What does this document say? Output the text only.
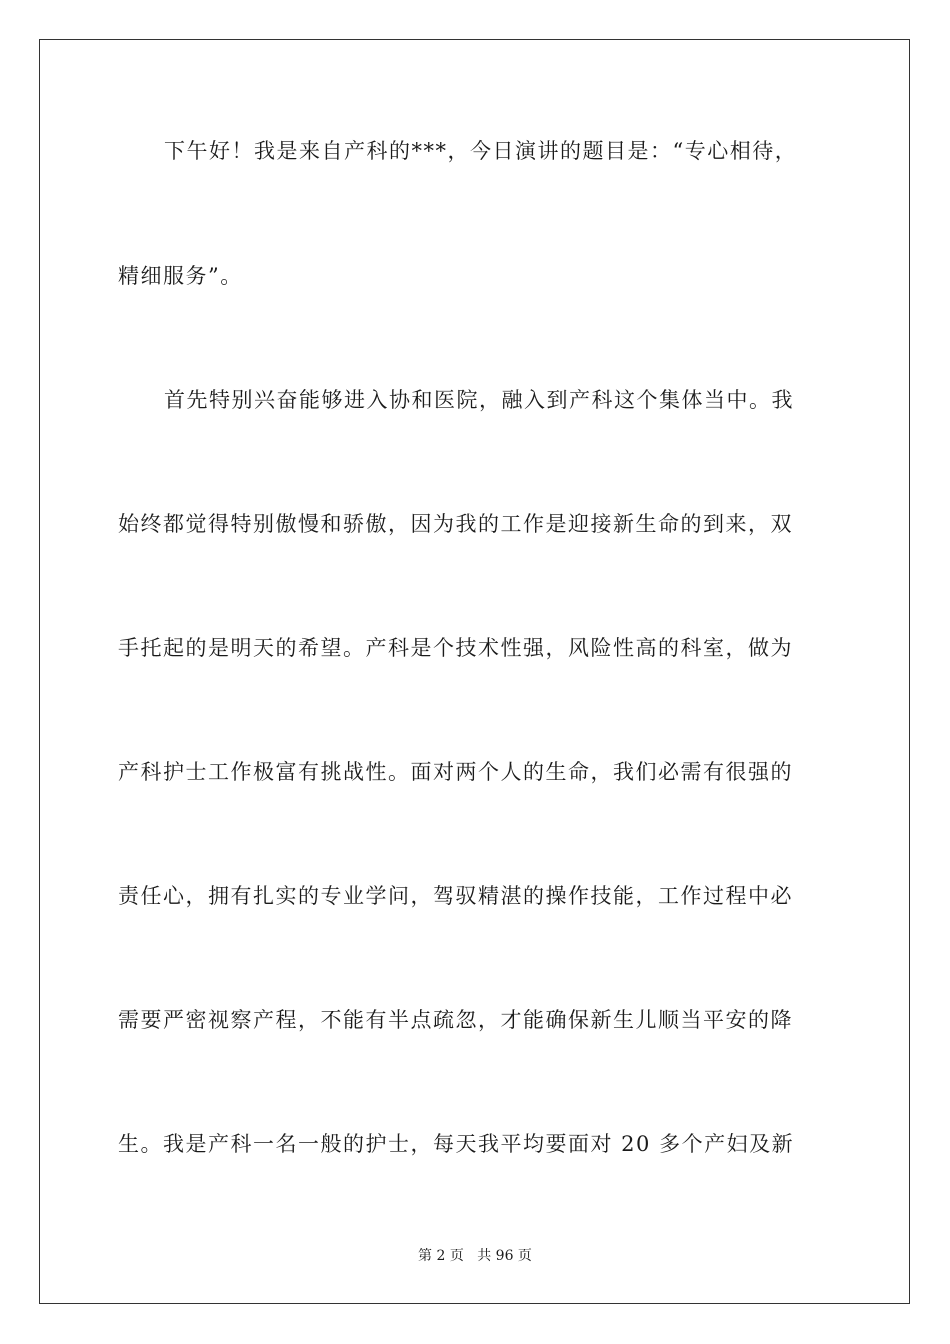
下午好！我是来自产科的***，今日演讲的题目是：“专心相待，
精细服务”。
首先特别兴奋能够进入协和医院，融入到产科这个集体当中。我
始终都觉得特别傲慢和骄傲，因为我的工作是迎接新生命的到来，双
手托起的是明天的希望。产科是个技术性强，风险性高的科室，做为
产科护士工作极富有挑战性。面对两个人的生命，我们必需有很强的
责任心，拥有扎实的专业学问，驾驭精湛的操作技能，工作过程中必
需要严密视察产程，不能有半点疏忽，才能确保新生儿顺当平安的降
生。我是产科一名一般的护士，每天我平均要面对 20 多个产妇及新
第 2 页 共 96 页
